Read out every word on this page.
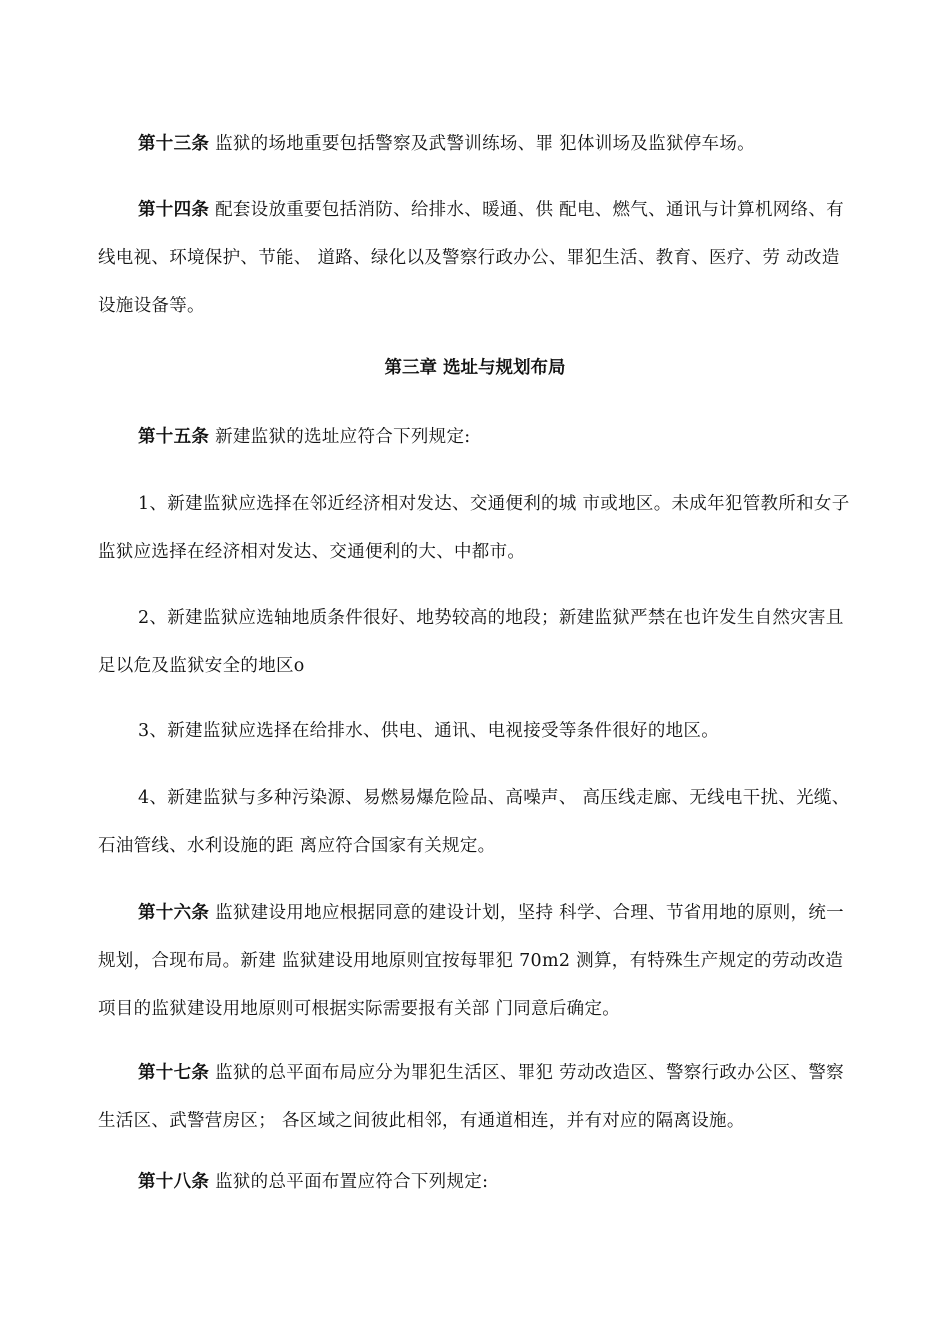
第十三条 监狱的场地重要包括警察及武警训练场、罪 犯体训场及监狱停车场。

第十四条 配套设放重要包括消防、给排水、暖通、供 配电、燃气、通讯与计算机网络、有线电视、环境保护、节能、 道路、绿化以及警察行政办公、罪犯生活、教育、医疗、劳 动改造设施设备等。

第三章 选址与规划布局

第十五条 新建监狱的选址应符合下列规定:

1、新建监狱应选择在邻近经济相对发达、交通便利的城 市或地区。未成年犯管教所和女子监狱应选择在经济相对发达、交通便利的大、中都市。

2、新建监狱应选轴地质条件很好、地势较高的地段；新建监狱严禁在也许发生自然灾害且足以危及监狱安全的地区o

3、新建监狱应选择在给排水、供电、通讯、电视接受等条件很好的地区。

4、新建监狱与多种污染源、易燃易爆危险品、高噪声、 高压线走廊、无线电干扰、光缆、石油管线、水利设施的距 离应符合国家有关规定。

第十六条 监狱建设用地应根据同意的建设计划，坚持 科学、合理、节省用地的原则，统一规划，合现布局。新建 监狱建设用地原则宜按每罪犯 70m2 测算，有特殊生产规定的劳动改造项目的监狱建设用地原则可根据实际需要报有关部 门同意后确定。

第十七条 监狱的总平面布局应分为罪犯生活区、罪犯 劳动改造区、警察行政办公区、警察生活区、武警营房区； 各区域之间彼此相邻，有通道相连，并有对应的隔离设施。

第十八条 监狱的总平面布置应符合下列规定:
